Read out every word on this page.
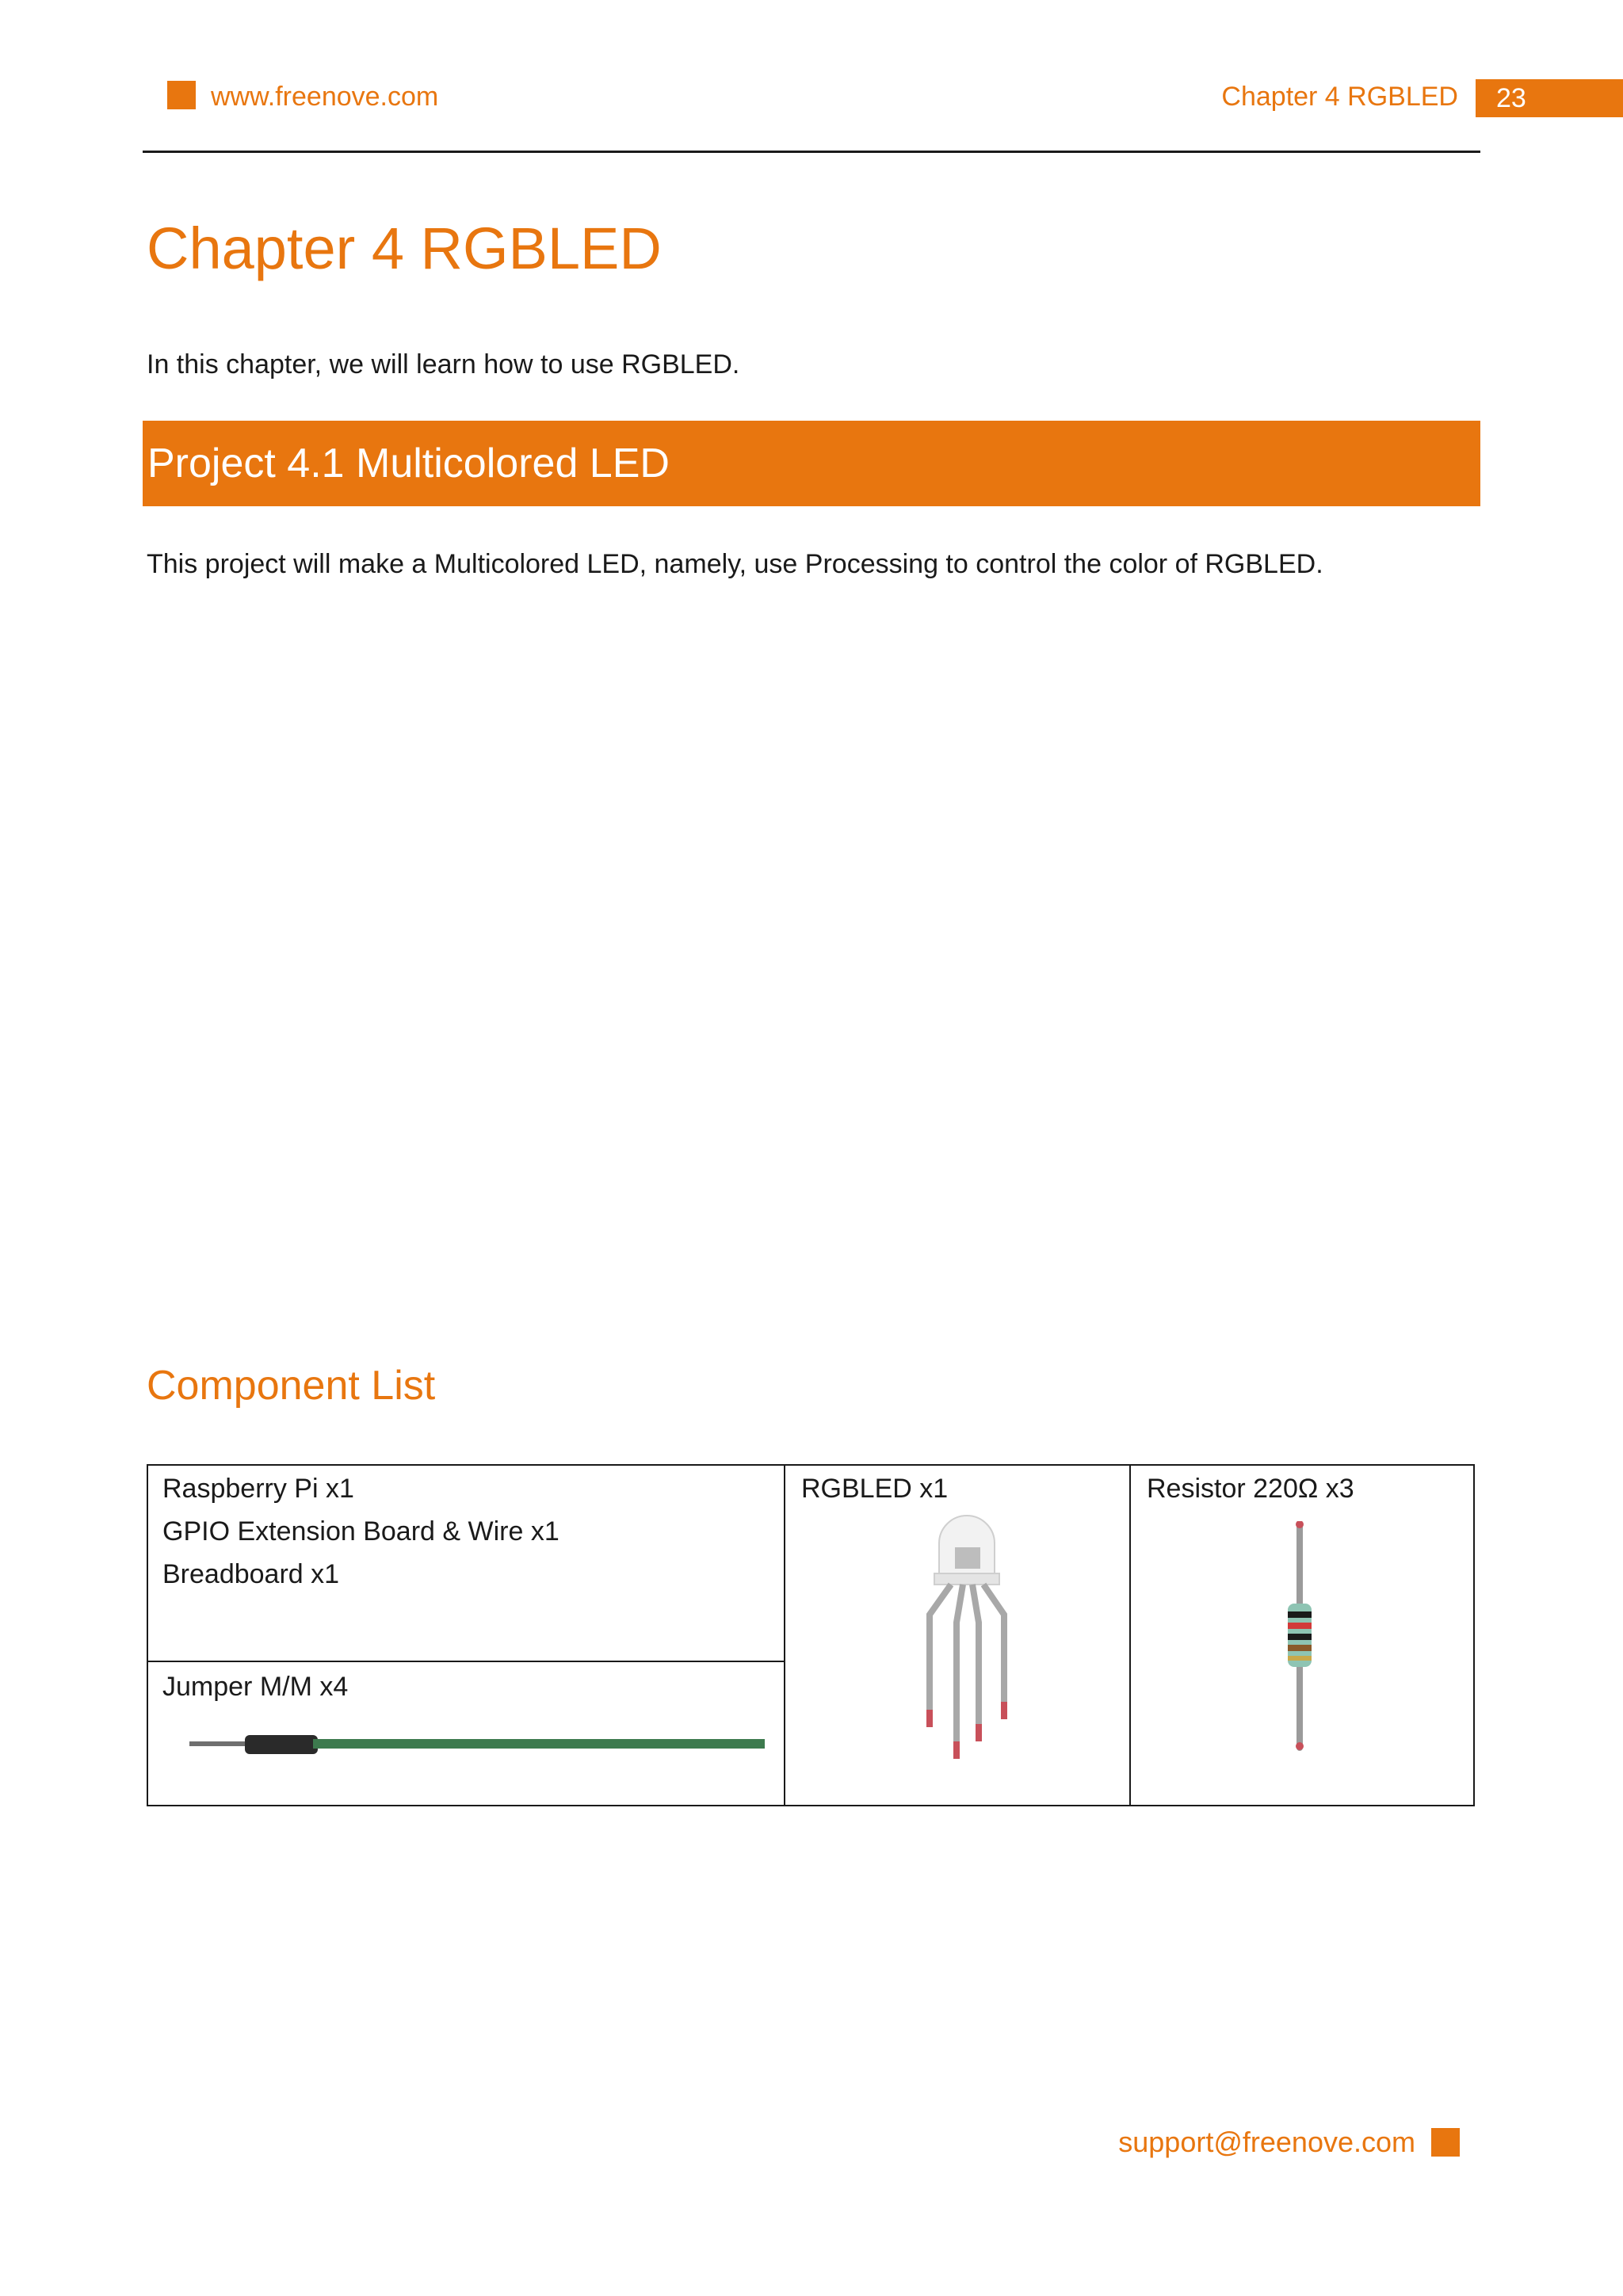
www.freenove.com	Chapter 4 RGBLED 23
Chapter 4 RGBLED
In this chapter, we will learn how to use RGBLED.
Project 4.1 Multicolored LED
This project will make a Multicolored LED, namely, use Processing to control the color of RGBLED.
Component List
Raspberry Pi x1
GPIO Extension Board & Wire x1
Breadboard x1
Jumper M/M x4
RGBLED x1	Resistor 220Ω x3
support@freenove.com
